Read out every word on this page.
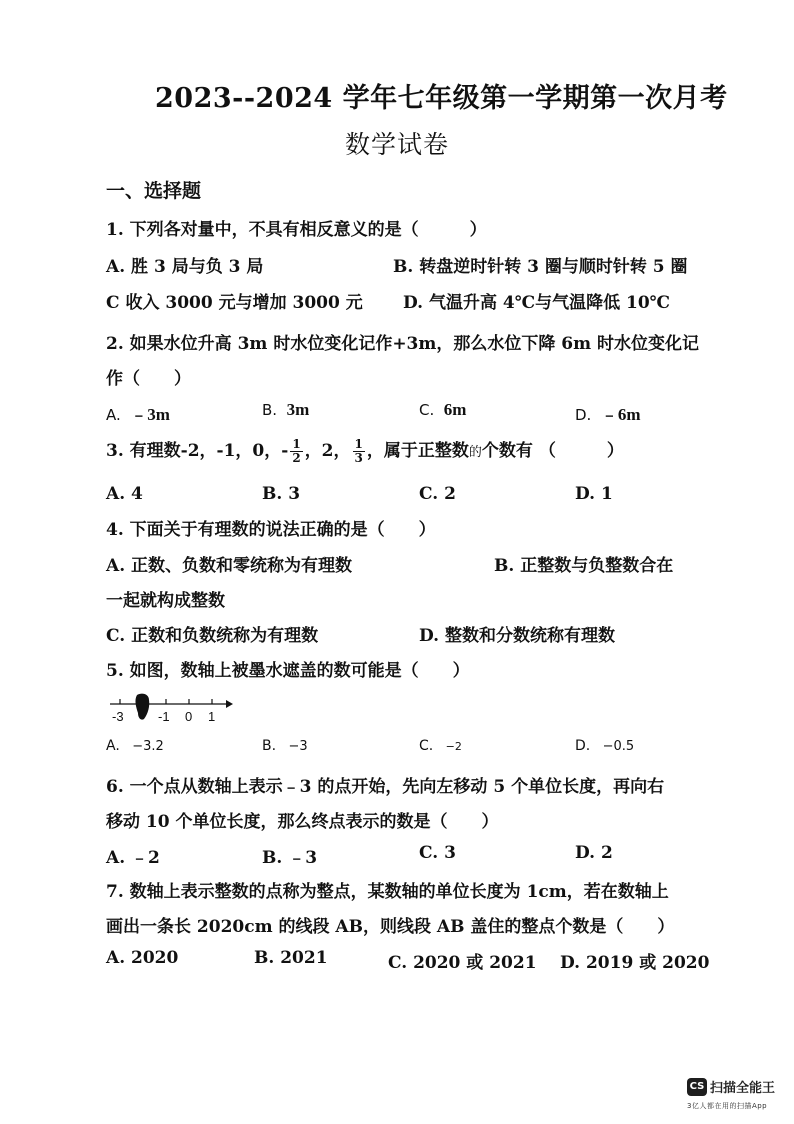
2023--2024 学年七年级第一学期第一次月考
数学试卷
一、选择题
1. 下列各对量中，不具有相反意义的是（　　　）
A. 胜 3 局与负 3 局	B. 转盘逆时针转 3 圈与顺时针转 5 圈
C 收入 3000 元与增加 3000 元 D. 气温升高 4℃与气温降低 10℃
2. 如果水位升高 3m 时水位变化记作+3m，那么水位下降 6m 时水位变化记
作（　　）
A. ﹣3m	B. 3m	C. 6m	D. ﹣6m
3. 有理数-2，-1，0，- $\frac{1}{2}$ ，2， $\frac{1}{3}$ ，属于正整数的个数有 （　　　）
A. 4	B. 3	C. 2	D. 1
4. 下面关于有理数的说法正确的是（　　）
A. 正数、负数和零统称为有理数	B. 正整数与负整数合在
一起就构成整数
C. 正数和负数统称为有理数	D. 整数和分数统称有理数
5. 如图，数轴上被墨水遮盖的数可能是（　　）
-3	-1 0 1
A. −3.2	B. −3	C. −2	D. −0.5
6. 一个点从数轴上表示﹣3 的点开始，先向左移动 5 个单位长度，再向右
移动 10 个单位长度，那么终点表示的数是（　　）
A. ﹣2	B. ﹣3	C. 3	D. 2
7. 数轴上表示整数的点称为整点，某数轴的单位长度为 1cm，若在数轴上
画出一条长 2020cm 的线段 AB，则线段 AB 盖住的整点个数是（　　）
A. 2020	B. 2021	C. 2020 或 2021 D. 2019 或 2020
CS 扫描全能王
3亿人都在用的扫描App
